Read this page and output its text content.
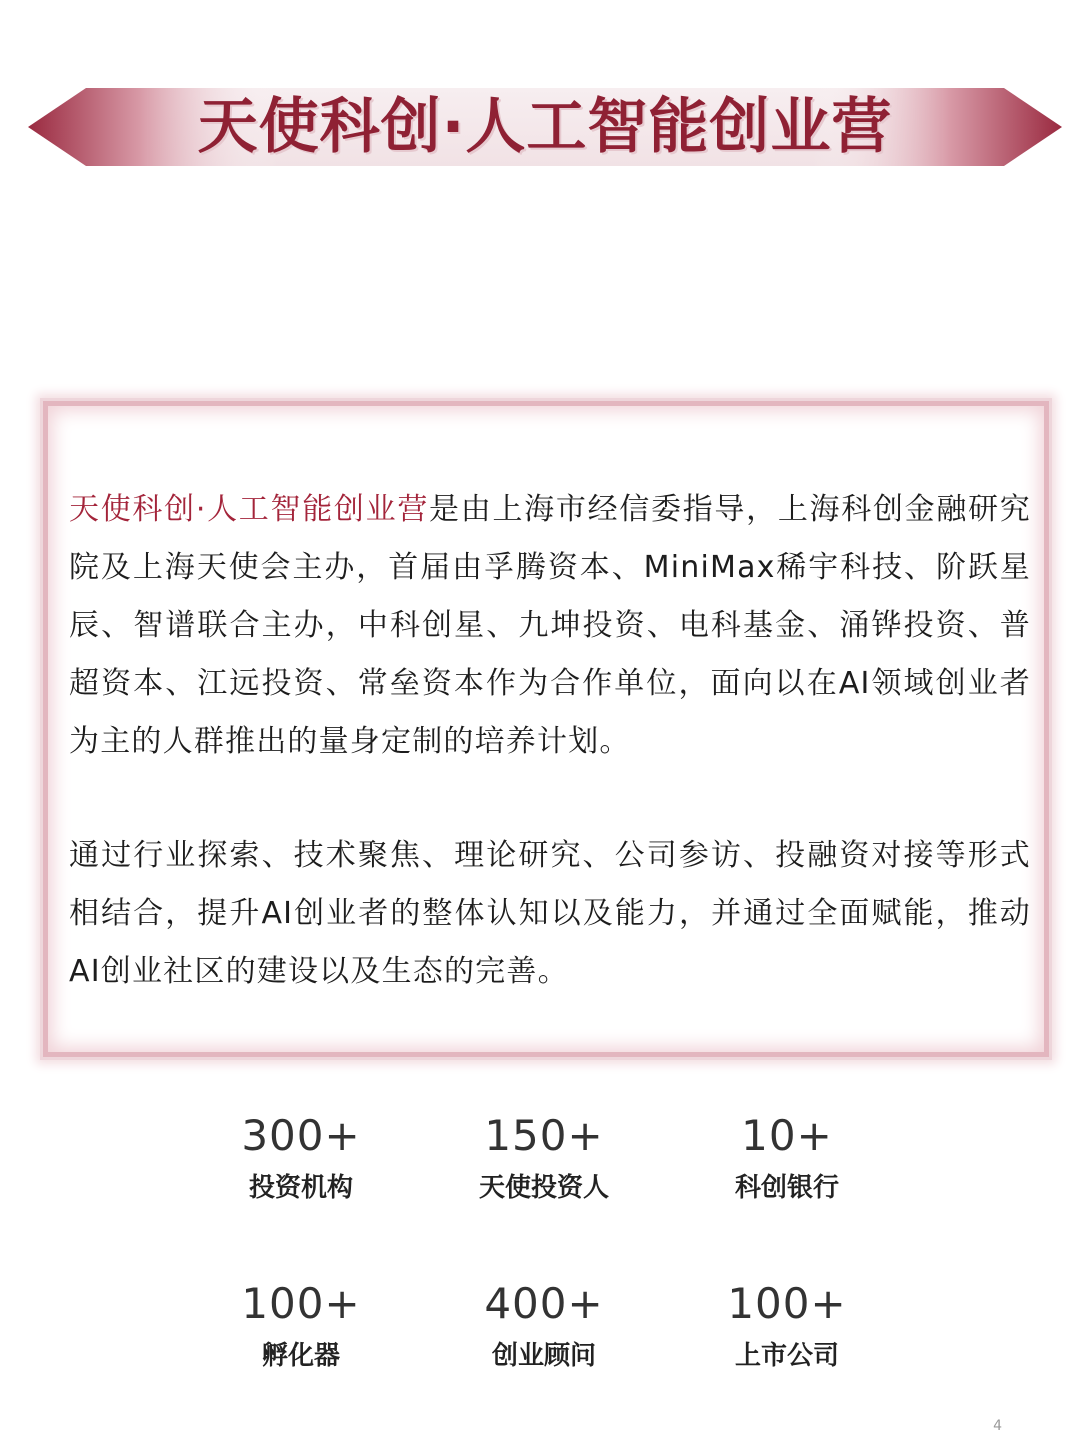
天使科创·人工智能创业营

天使科创·人工智能创业营是由上海市经信委指导，上海科创金融研究院及上海天使会主办，首届由孚腾资本、MiniMax稀宇科技、阶跃星辰、智谱联合主办，中科创星、九坤投资、电科基金、涌铧投资、普超资本、江远投资、常垒资本作为合作单位，面向以在AI领域创业者为主的人群推出的量身定制的培养计划。

通过行业探索、技术聚焦、理论研究、公司参访、投融资对接等形式相结合，提升AI创业者的整体认知以及能力，并通过全面赋能，推动AI创业社区的建设以及生态的完善。

300+
投资机构
150+
天使投资人
10+
科创银行
100+
孵化器
400+
创业顾问
100+
上市公司
4
